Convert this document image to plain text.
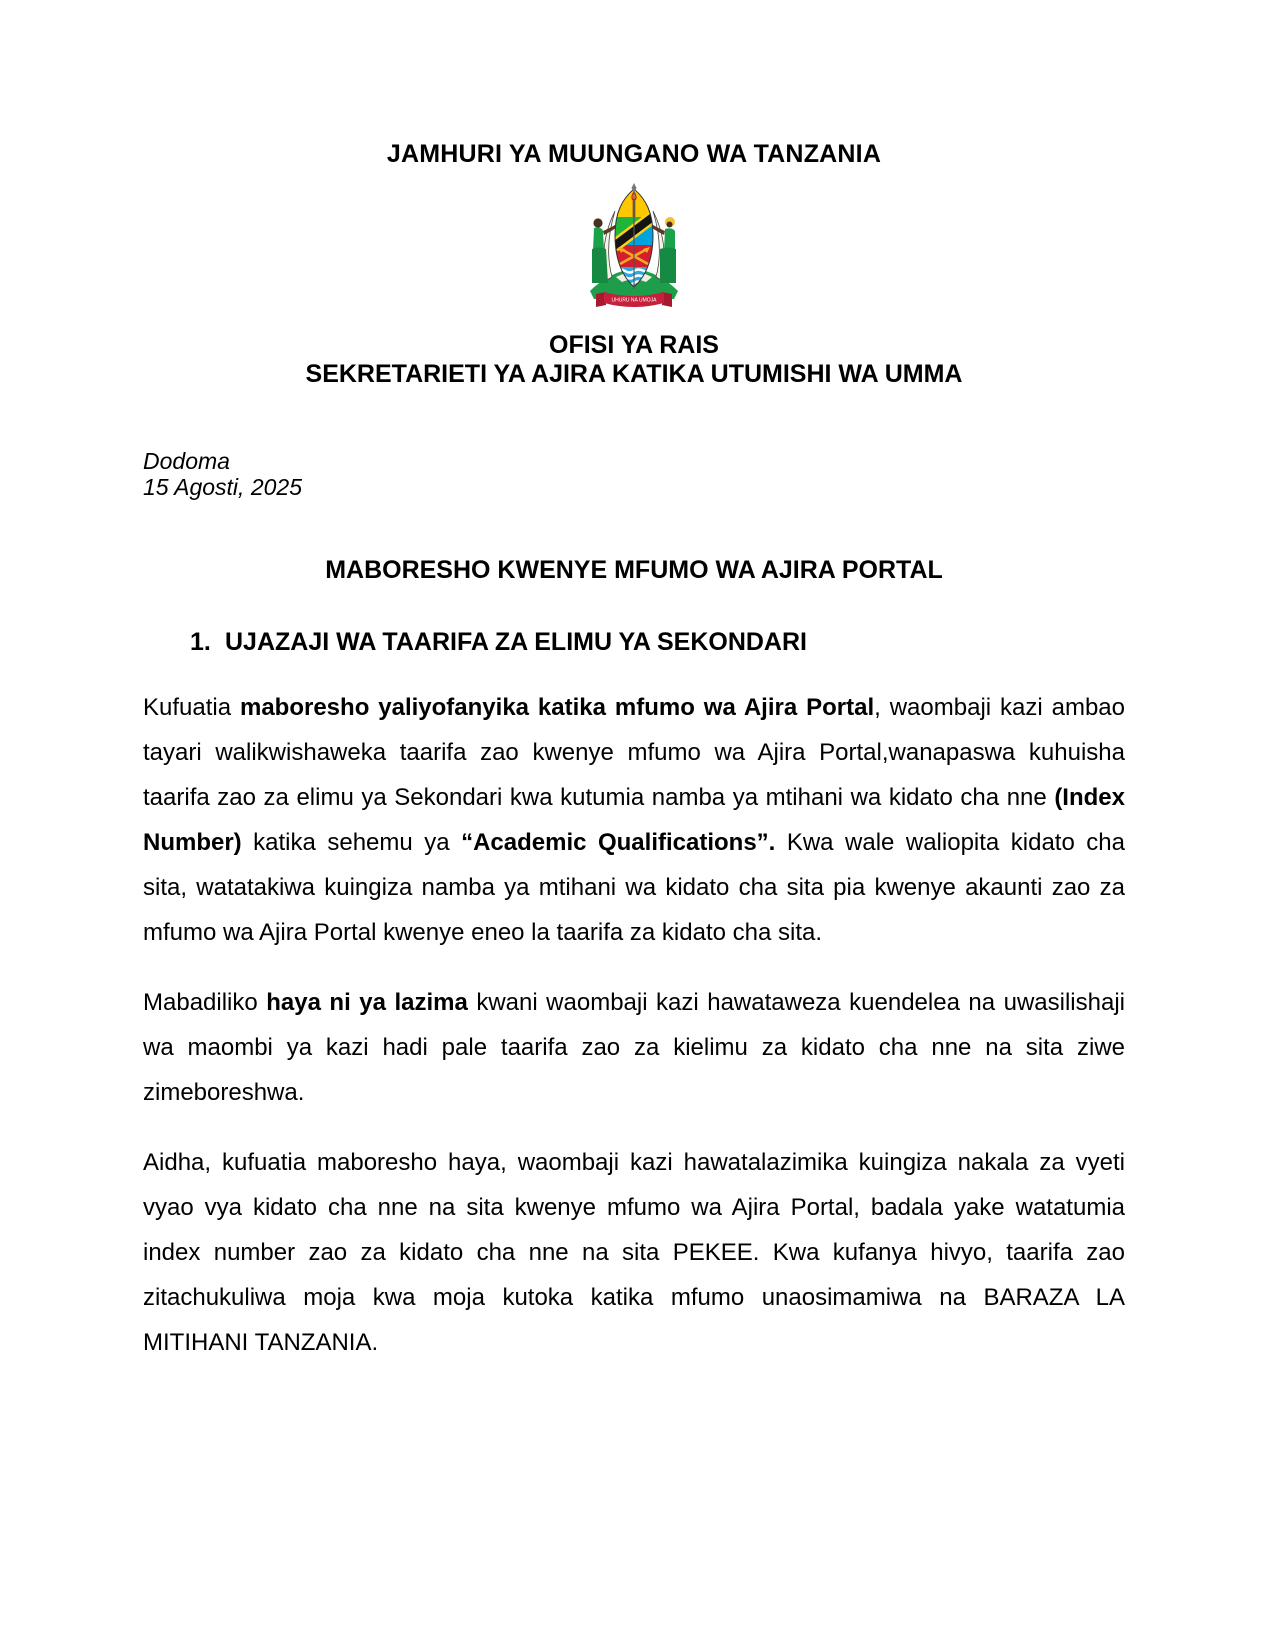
JAMHURI YA MUUNGANO WA TANZANIA
UHURU NA UMOJA
OFISI YA RAIS
SEKRETARIETI YA AJIRA KATIKA UTUMISHI WA UMMA
Dodoma
15 Agosti, 2025
MABORESHO KWENYE MFUMO WA AJIRA PORTAL
1. UJAZAJI WA TAARIFA ZA ELIMU YA SEKONDARI

Kufuatia maboresho yaliyofanyika katika mfumo wa Ajira Portal, waombaji kazi ambao tayari walikwishaweka taarifa zao kwenye mfumo wa Ajira Portal,wanapaswa kuhuisha taarifa zao za elimu ya Sekondari kwa kutumia namba ya mtihani wa kidato cha nne (Index Number) katika sehemu ya “Academic Qualifications”. Kwa wale waliopita kidato cha sita, watatakiwa kuingiza namba ya mtihani wa kidato cha sita pia kwenye akaunti zao za mfumo wa Ajira Portal kwenye eneo la taarifa za kidato cha sita.

Mabadiliko haya ni ya lazima kwani waombaji kazi hawataweza kuendelea na uwasilishaji wa maombi ya kazi hadi pale taarifa zao za kielimu za kidato cha nne na sita ziwe zimeboreshwa.

Aidha, kufuatia maboresho haya, waombaji kazi hawatalazimika kuingiza nakala za vyeti vyao vya kidato cha nne na sita kwenye mfumo wa Ajira Portal, badala yake watatumia index number zao za kidato cha nne na sita PEKEE. Kwa kufanya hivyo, taarifa zao zitachukuliwa moja kwa moja kutoka katika mfumo unaosimamiwa na BARAZA LA MITIHANI TANZANIA.
